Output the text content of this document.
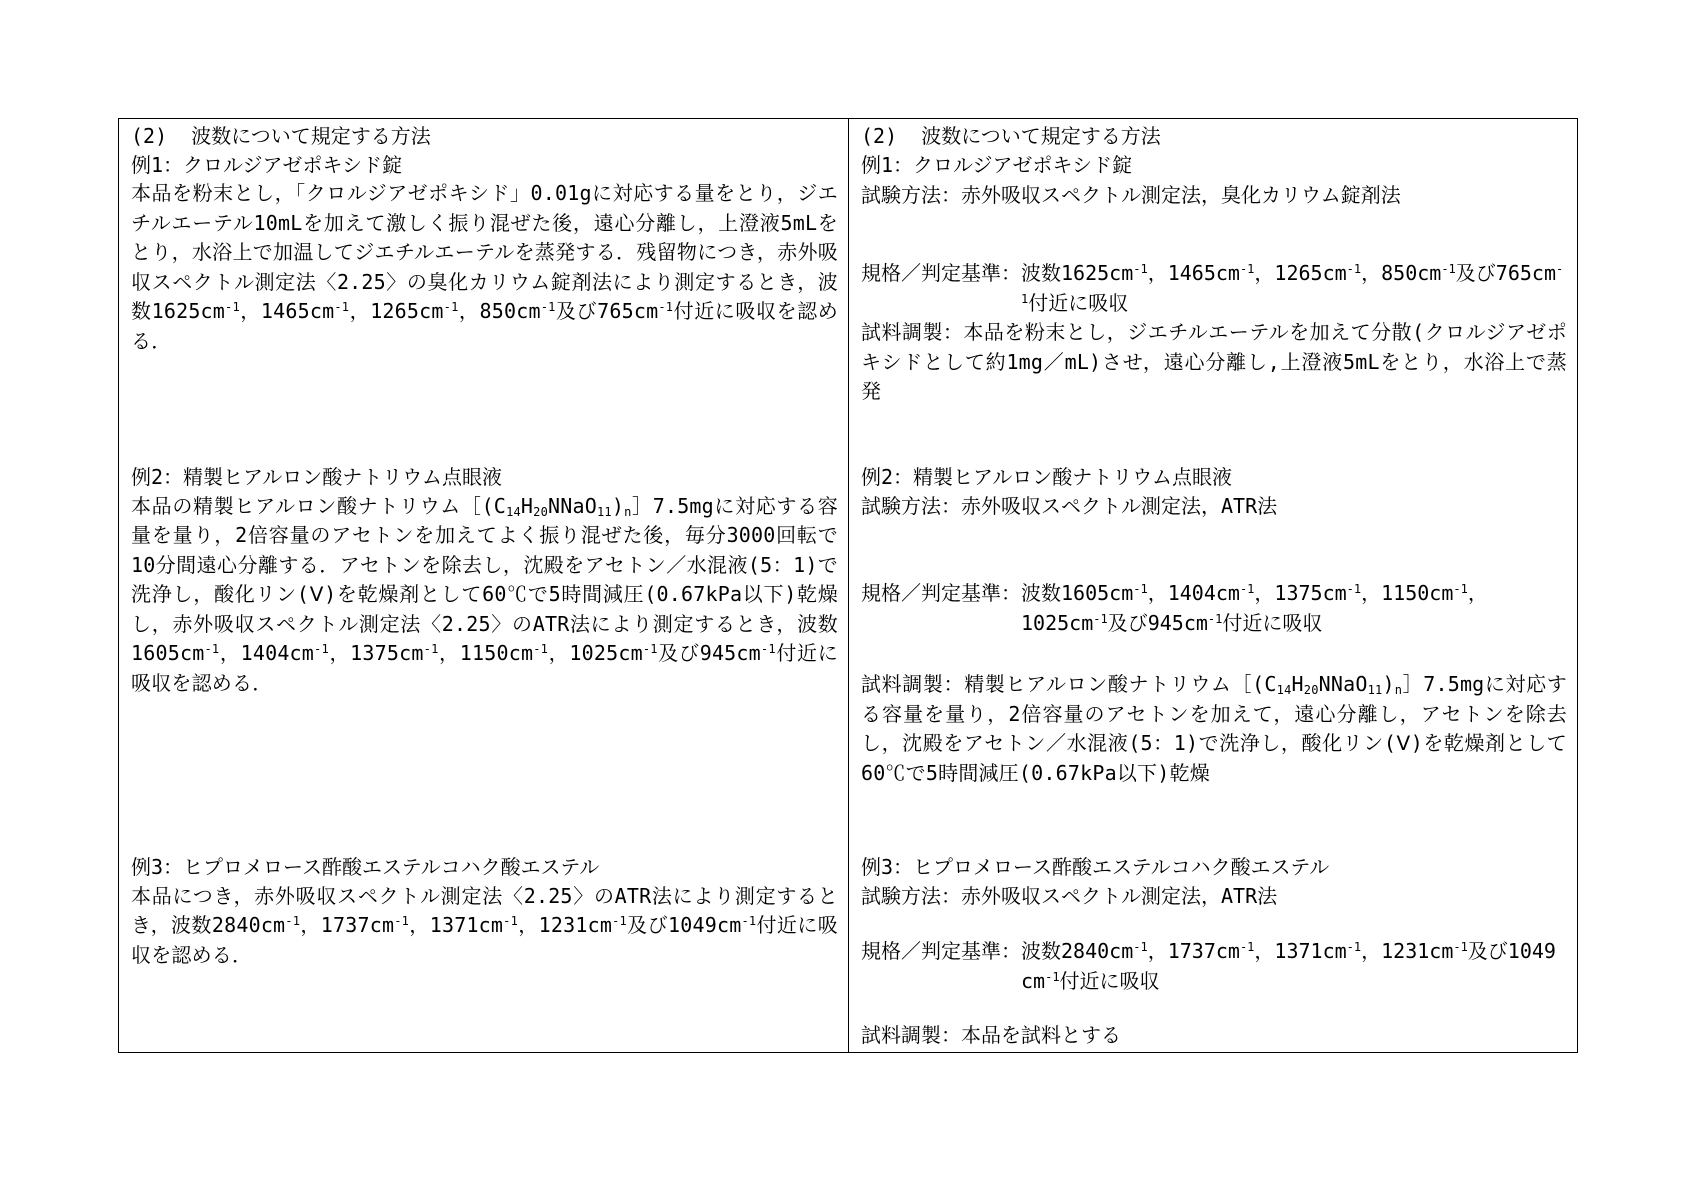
(2)  波数について規定する方法

例1：クロルジアゼポキシド錠

本品を粉末とし，「クロルジアゼポキシド」0.01gに対応する量をとり，ジエチルエーテル10mLを加えて激しく振り混ぜた後，遠心分離し，上澄液5mLをとり，水浴上で加温してジエチルエーテルを蒸発する．残留物につき，赤外吸収スペクトル測定法〈2.25〉の臭化カリウム錠剤法により測定するとき，波数$1625cm^{-1}$，$1465cm^{-1}$，$1265cm^{-1}$，$850cm^{-1}$及び$765cm^{-1}$付近に吸収を認める．

例2：精製ヒアルロン酸ナトリウム点眼液

本品の精製ヒアルロン酸ナトリウム$[(C_{14}H_{20}NNaO_{11})_n]7.5mg$に対応する容量を量り，2倍容量のアセトンを加えてよく振り混ぜた後，毎分3000回転で10分間遠心分離する．アセトンを除去し，沈殿をアセトン／水混液(5：1)で洗浄し，酸化リン(Ⅴ)を乾燥剤として60℃で5時間減圧(0.67kPa以下)乾燥し，赤外吸収スペクトル測定法〈2.25〉のATR法により測定するとき，波数$1605cm^{-1}$，$1404cm^{-1}$，$1375cm^{-1}$，$1150cm^{-1}$，$1025cm^{-1}$及び$945cm^{-1}$付近に吸収を認める．

例3：ヒプロメロース酢酸エステルコハク酸エステル

本品につき，赤外吸収スペクトル測定法〈2.25〉のATR法により測定するとき，波数$2840cm^{-1}$，$1737cm^{-1}$，$1371cm^{-1}$，$1231cm^{-1}$及び$1049cm^{-1}$付近に吸収を認める．

(2)  波数について規定する方法

例1：クロルジアゼポキシド錠

試験方法：赤外吸収スペクトル測定法，臭化カリウム錠剤法

規格／判定基準： 波数$1625cm^{-1}$，$1465cm^{-1}$，$1265cm^{-1}$，$850cm^{-1}$及び$765cm^{-1}$付近に吸収

試料調製：本品を粉末とし，ジエチルエーテルを加えて分散(クロルジアゼポキシドとして約1mg／mL)させ，遠心分離し,上澄液5mLをとり，水浴上で蒸発

例2：精製ヒアルロン酸ナトリウム点眼液

試験方法：赤外吸収スペクトル測定法，ATR法

規格／判定基準： 波数$1605cm^{-1}$，$1404cm^{-1}$，$1375cm^{-1}$，$1150cm^{-1}$，$1025cm^{-1}$及び$945cm^{-1}$付近に吸収

試料調製：精製ヒアルロン酸ナトリウム$[(C_{14}H_{20}NNaO_{11})_n]7.5mg$に対応する容量を量り，2倍容量のアセトンを加えて，遠心分離し，アセトンを除去し，沈殿をアセトン／水混液(5：1)で洗浄し，酸化リン(Ⅴ)を乾燥剤として60℃で5時間減圧(0.67kPa以下)乾燥

例3：ヒプロメロース酢酸エステルコハク酸エステル

試験方法：赤外吸収スペクトル測定法，ATR法

規格／判定基準： 波数$2840cm^{-1}$，$1737cm^{-1}$，$1371cm^{-1}$，$1231cm^{-1}$及び1049 $cm^{-1}$付近に吸収

試料調製：本品を試料とする
